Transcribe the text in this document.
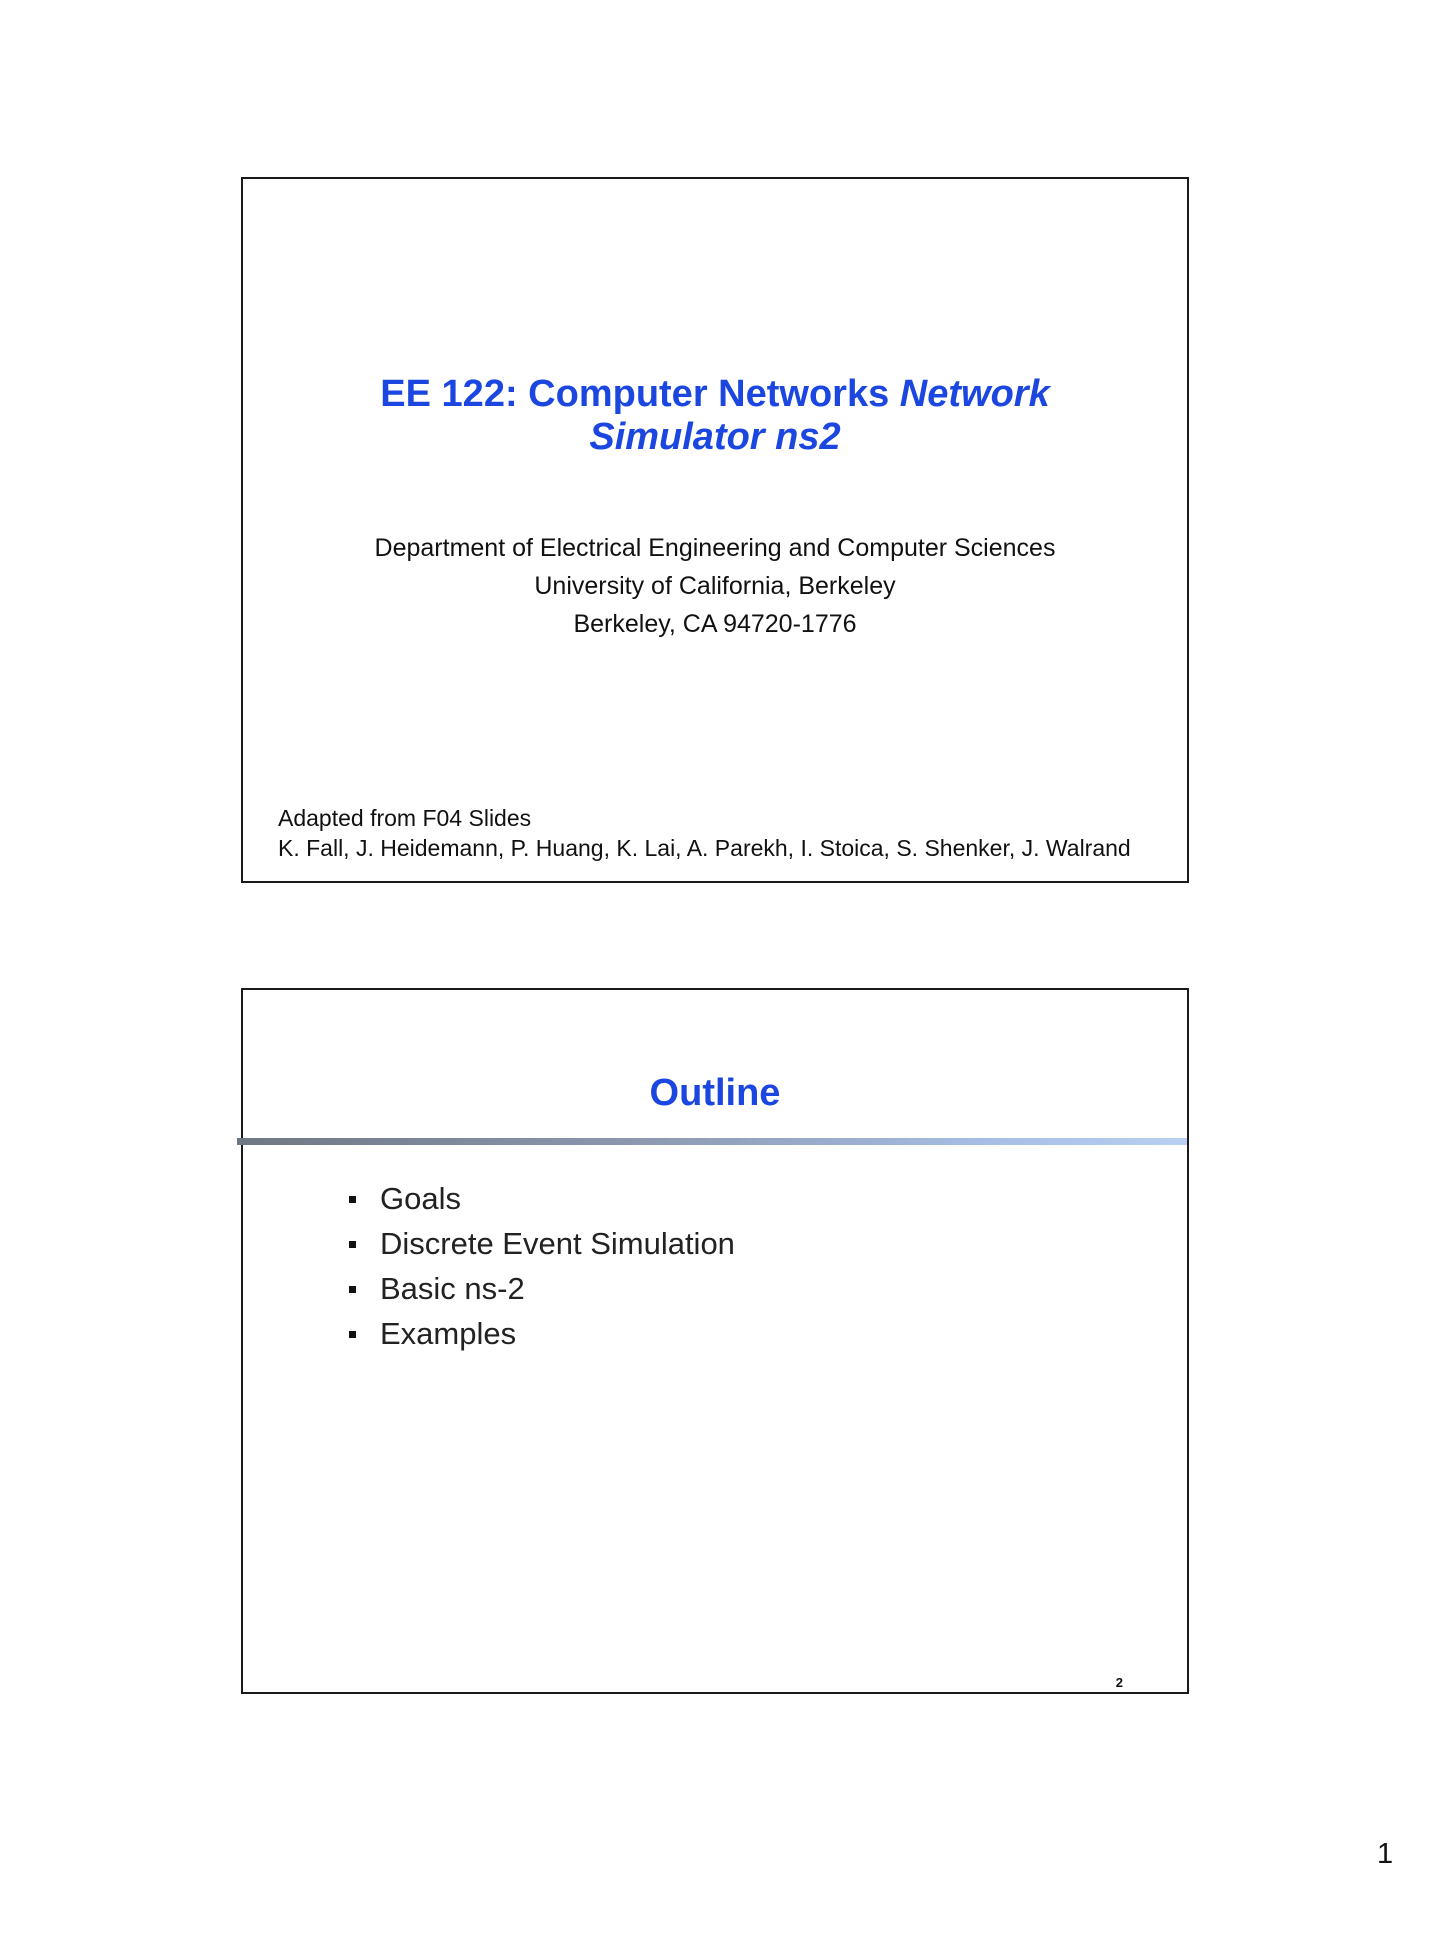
EE 122: Computer Networks Network
Simulator ns2
Department of Electrical Engineering and Computer Sciences
University of California, Berkeley
Berkeley, CA 94720-1776
Adapted from F04 Slides
K. Fall, J. Heidemann, P. Huang, K. Lai, A. Parekh, I. Stoica, S. Shenker, J. Walrand
Outline
Goals
Discrete Event Simulation
Basic ns-2
Examples
2
1
